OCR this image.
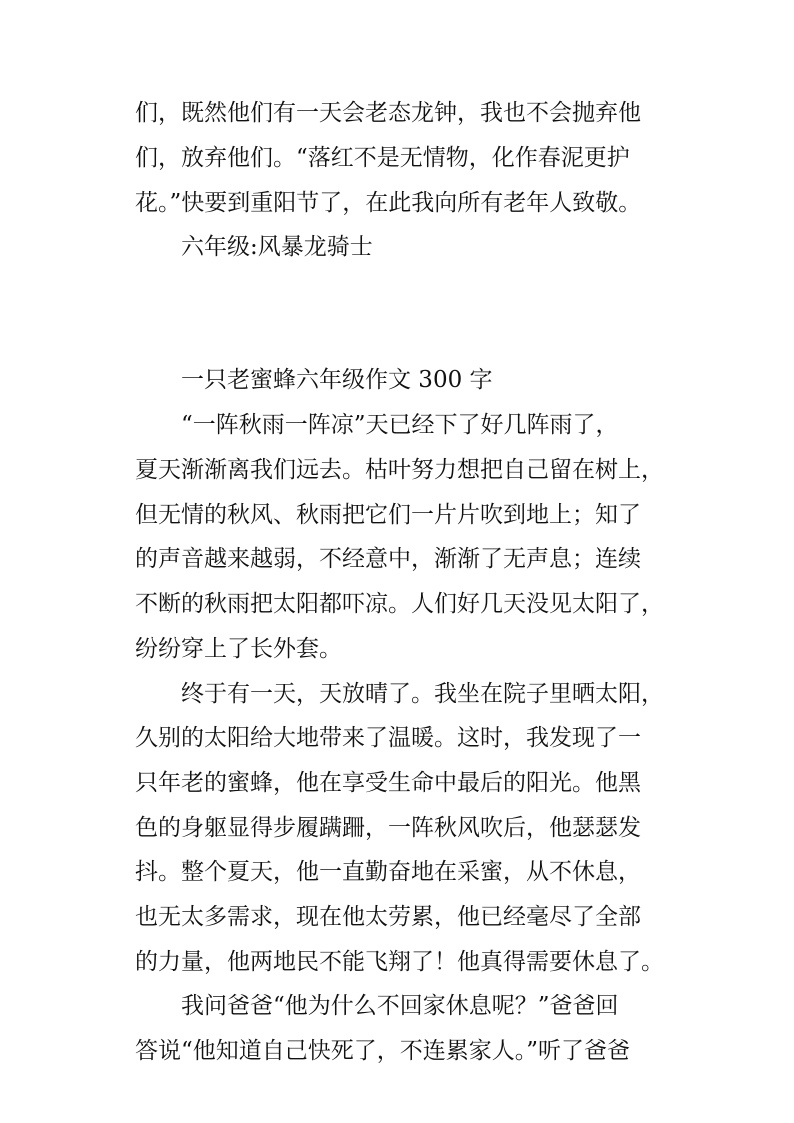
们，既然他们有一天会老态龙钟，我也不会抛弃他
们，放弃他们。“落红不是无情物，化作春泥更护
花。”快要到重阳节了，在此我向所有老年人致敬。
六年级:风暴龙骑士
一只老蜜蜂六年级作文 300 字
“一阵秋雨一阵凉”天已经下了好几阵雨了，
夏天渐渐离我们远去。枯叶努力想把自己留在树上，
但无情的秋风、秋雨把它们一片片吹到地上；知了
的声音越来越弱，不经意中，渐渐了无声息；连续
不断的秋雨把太阳都吓凉。人们好几天没见太阳了，
纷纷穿上了长外套。
终于有一天，天放晴了。我坐在院子里晒太阳，
久别的太阳给大地带来了温暖。这时，我发现了一
只年老的蜜蜂，他在享受生命中最后的阳光。他黑
色的身躯显得步履蹒跚，一阵秋风吹后，他瑟瑟发
抖。整个夏天，他一直勤奋地在采蜜，从不休息，
也无太多需求，现在他太劳累，他已经毫尽了全部
的力量，他两地民不能飞翔了！他真得需要休息了。
我问爸爸“他为什么不回家休息呢？”爸爸回
答说“他知道自己快死了，不连累家人。”听了爸爸
